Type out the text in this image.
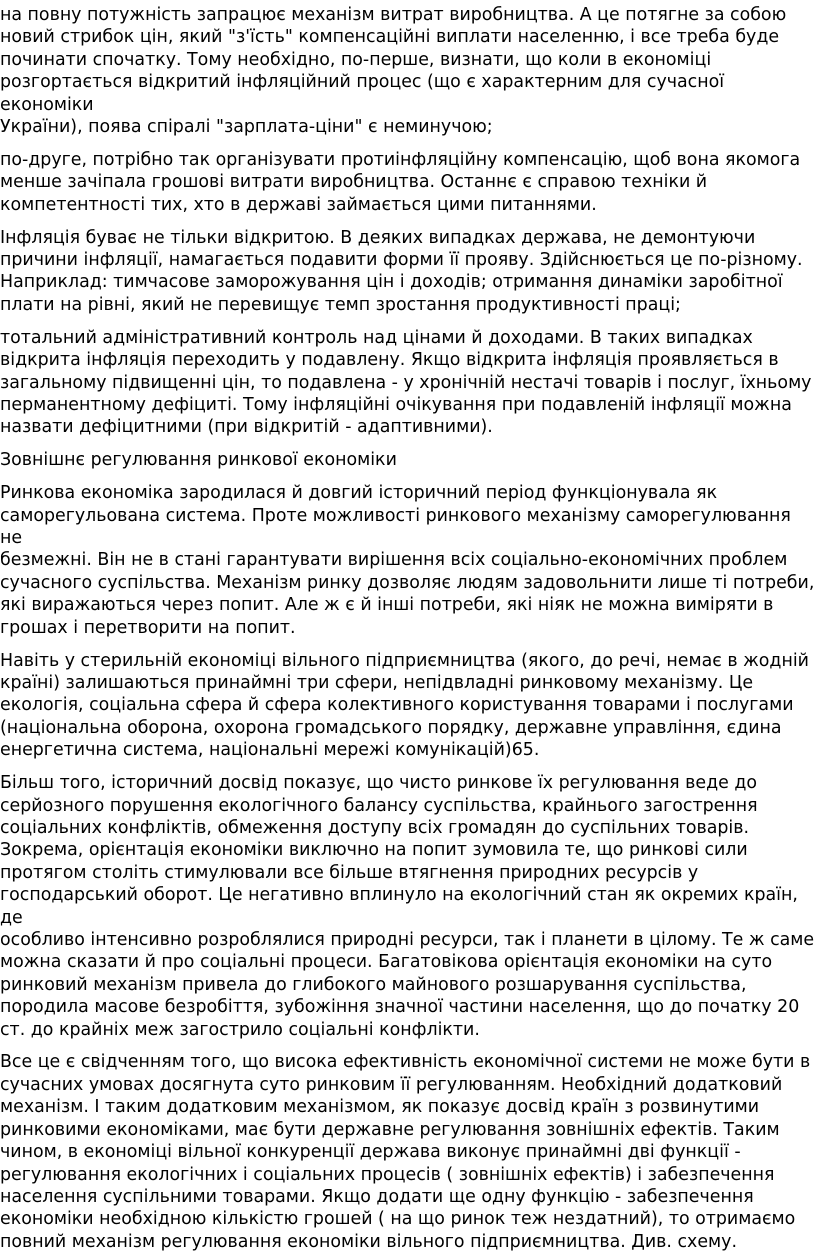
на повну потужність запрацює механізм витрат виробництва. А це потягне за собою
новий стрибок цін, який "з'їсть" компенсаційні виплати населенню, і все треба буде
починати спочатку. Тому необхідно, по-перше, визнати, що коли в економіці
розгортається відкритий інфляційний процес (що є характерним для сучасної економіки
України), поява спіралі "зарплата-ціни" є неминучою;

по-друге, потрібно так організувати протиінфляційну компенсацію, щоб вона якомога
менше зачіпала грошові витрати виробництва. Останнє є справою техніки й
компетентності тих, хто в державі займається цими питаннями.

Інфляція буває не тільки відкритою. В деяких випадках держава, не демонтуючи
причини інфляції, намагається подавити форми її прояву. Здійснюється це по-різному.
Наприклад: тимчасове заморожування цін і доходів; отримання динаміки заробітної
плати на рівні, який не перевищує темп зростання продуктивності праці;

тотальний адміністративний контроль над цінами й доходами. В таких випадках
відкрита інфляція переходить у подавлену. Якщо відкрита інфляція проявляється в
загальному підвищенні цін, то подавлена - у хронічній нестачі товарів і послуг, їхньому
перманентному дефіциті. Тому інфляційні очікування при подавленій інфляції можна
назвати дефіцитними (при відкритій - адаптивними).

Зовнішнє регулювання ринкової економіки

Ринкова економіка зародилася й довгий історичний період функціонувала як
саморегульована система. Проте можливості ринкового механізму саморегулювання не
безмежні. Він не в стані гарантувати вирішення всіх соціально-економічних проблем
сучасного суспільства. Механізм ринку дозволяє людям задовольнити лише ті потреби,
які виражаються через попит. Але ж є й інші потреби, які ніяк не можна виміряти в
грошах і перетворити на попит.

Навіть у стерильній економіці вільного підприємництва (якого, до речі, немає в жодній
країні) залишаються принаймні три сфери, непідвладні ринковому механізму. Це
екологія, соціальна сфера й сфера колективного користування товарами і послугами
(національна оборона, охорона громадського порядку, державне управління, єдина
енергетична система, національні мережі комунікацій)65.

Більш того, історичний досвід показує, що чисто ринкове їх регулювання веде до
серйозного порушення екологічного балансу суспільства, крайнього загострення
соціальних конфліктів, обмеження доступу всіх громадян до суспільних товарів.
Зокрема, орієнтація економіки виключно на попит зумовила те, що ринкові сили
протягом століть стимулювали все більше втягнення природних ресурсів у
господарський оборот. Це негативно вплинуло на екологічний стан як окремих країн, де
особливо інтенсивно розроблялися природні ресурси, так і планети в цілому. Те ж саме
можна сказати й про соціальні процеси. Багатовікова орієнтація економіки на суто
ринковий механізм привела до глибокого майнового розшарування суспільства,
породила масове безробіття, зубожіння значної частини населення, що до початку 20
ст. до крайніх меж загострило соціальні конфлікти.

Все це є свідченням того, що висока ефективність економічної системи не може бути в
сучасних умовах досягнута суто ринковим її регулюванням. Необхідний додатковий
механізм. І таким додатковим механізмом, як показує досвід країн з розвинутими
ринковими економіками, має бути державне регулювання зовнішніх ефектів. Таким
чином, в економіці вільної конкуренції держава виконує принаймні дві функції -
регулювання екологічних і соціальних процесів ( зовнішніх ефектів) і забезпечення
населення суспільними товарами. Якщо додати ще одну функцію - забезпечення
економіки необхідною кількістю грошей ( на що ринок теж нездатний), то отримаємо
повний механізм регулювання економіки вільного підприємництва. Див. схему.
